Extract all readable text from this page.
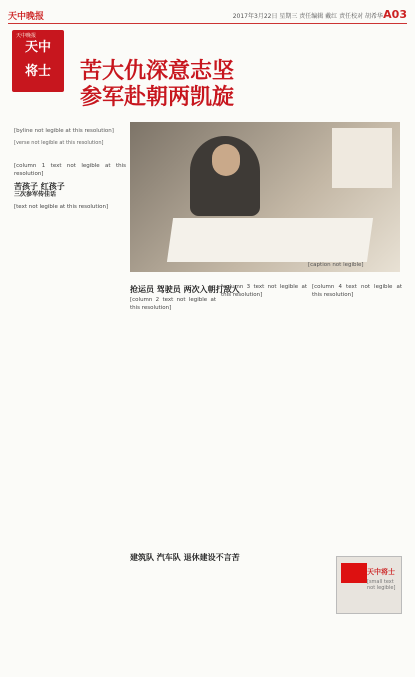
天中晚报	2017年3月22日 星期三 责任编辑 戴红 责任校对 胡希华 A03
天中晚报
天中
将士	苦大仇深意志坚
参军赴朝两凯旋
[byline not legible at this resolution]
[verse not legible at this resolution]
[caption not legible]
[column 1 text not legible at this resolution]
苦孩子 红孩子
三次参军传佳话
[text not legible at this resolution]
抢运员 驾驶员 两次入朝打敌人
[column 2 text not legible at this resolution]
建筑队 汽车队 退休建设不言苦
[column 3 text not legible at this resolution]
[column 4 text not legible at this resolution]
天中将士
[small text not legible]
